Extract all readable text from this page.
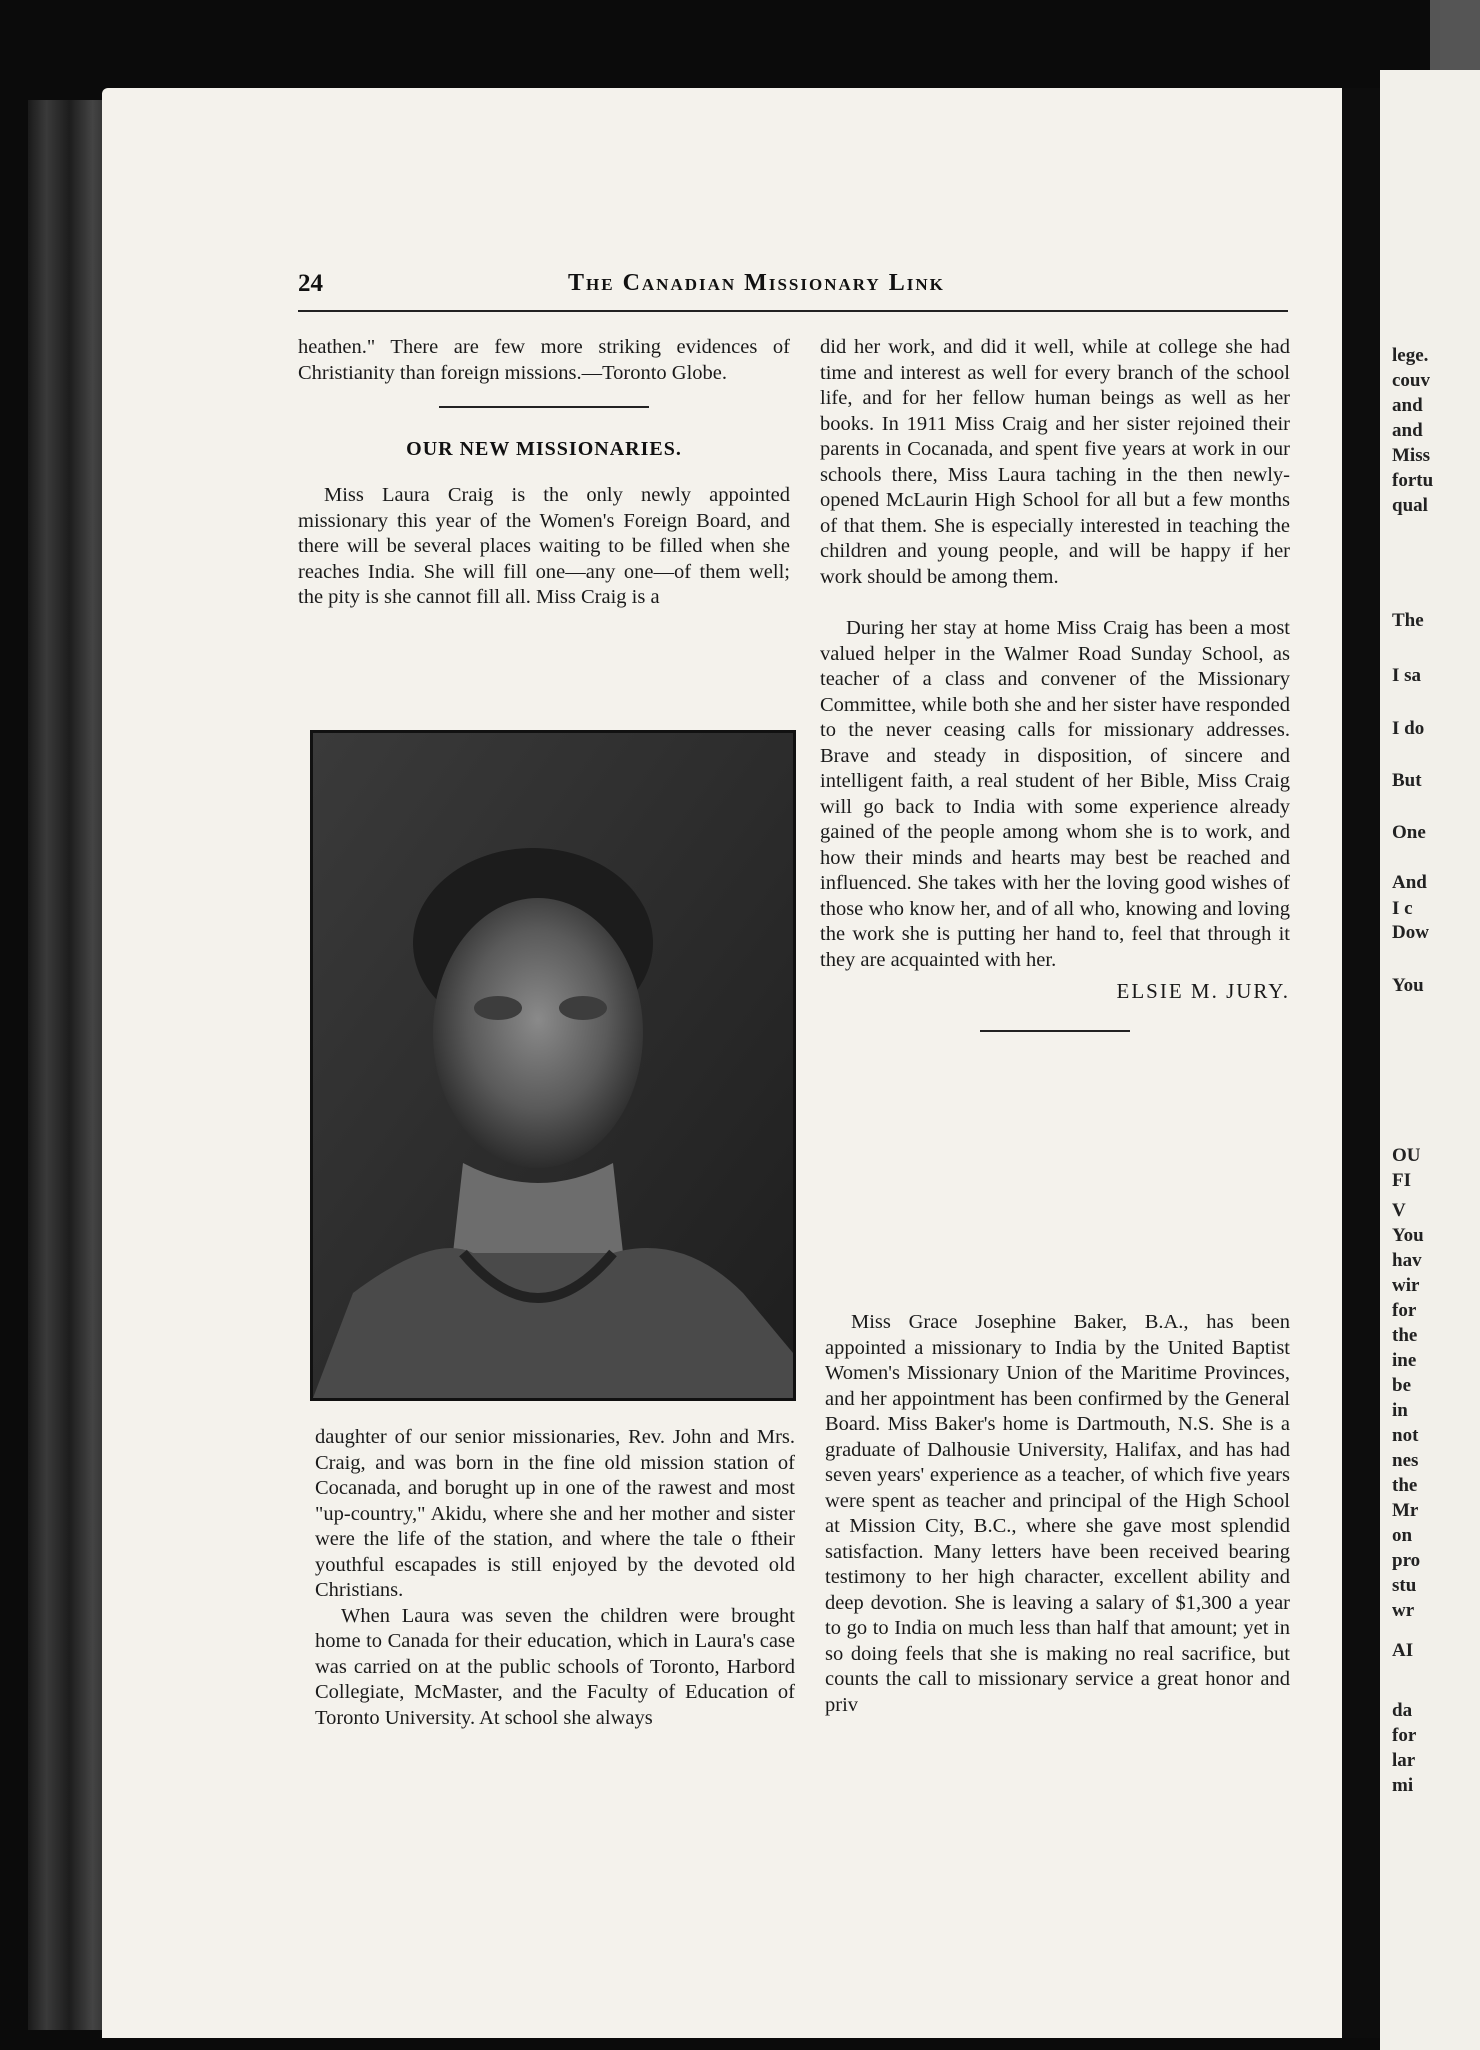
lege.
couv
and
and
Miss
fortu
qual
The
I sa
I do
But
One
And
I c
Dow
You
OU
FI
V
You
hav
wir
for
the
ine
be
in
not
nes
the
Mr
on
pro
stu
wr
AI
da
for
lar
mi
24	The Canadian Missionary Link

heathen." There are few more striking evidences of Christianity than foreign missions.—Toronto Globe.

OUR NEW MISSIONARIES.

Miss Laura Craig is the only newly appointed missionary this year of the Women's Foreign Board, and there will be several places waiting to be filled when she reaches India. She will fill one—any one—of them well; the pity is she cannot fill all. Miss Craig is a

daughter of our senior missionaries, Rev. John and Mrs. Craig, and was born in the fine old mission station of Cocanada, and borught up in one of the rawest and most "up-country," Akidu, where she and her mother and sister were the life of the station, and where the tale o ftheir youthful escapades is still enjoyed by the devoted old Christians.

When Laura was seven the children were brought home to Canada for their education, which in Laura's case was carried on at the public schools of Toronto, Harbord Collegiate, McMaster, and the Faculty of Education of Toronto University. At school she always

did her work, and did it well, while at college she had time and interest as well for every branch of the school life, and for her fellow human beings as well as her books. In 1911 Miss Craig and her sister rejoined their parents in Cocanada, and spent five years at work in our schools there, Miss Laura taching in the then newly-opened McLaurin High School for all but a few months of that them. She is especially interested in teaching the children and young people, and will be happy if her work should be among them.

During her stay at home Miss Craig has been a most valued helper in the Walmer Road Sunday School, as teacher of a class and convener of the Missionary Committee, while both she and her sister have responded to the never ceasing calls for missionary addresses. Brave and steady in disposition, of sincere and intelligent faith, a real student of her Bible, Miss Craig will go back to India with some experience already gained of the people among whom she is to work, and how their minds and hearts may best be reached and influenced. She takes with her the loving good wishes of those who know her, and of all who, knowing and loving the work she is putting her hand to, feel that through it they are acquainted with her.

ELSIE M. JURY.

Miss Grace Josephine Baker, B.A., has been appointed a missionary to India by the United Baptist Women's Missionary Union of the Maritime Provinces, and her appointment has been confirmed by the General Board. Miss Baker's home is Dartmouth, N.S. She is a graduate of Dalhousie University, Halifax, and has had seven years' experience as a teacher, of which five years were spent as teacher and principal of the High School at Mission City, B.C., where she gave most splendid satisfaction. Many letters have been received bearing testimony to her high character, excellent ability and deep devotion. She is leaving a salary of $1,300 a year to go to India on much less than half that amount; yet in so doing feels that she is making no real sacrifice, but counts the call to missionary service a great honor and priv
